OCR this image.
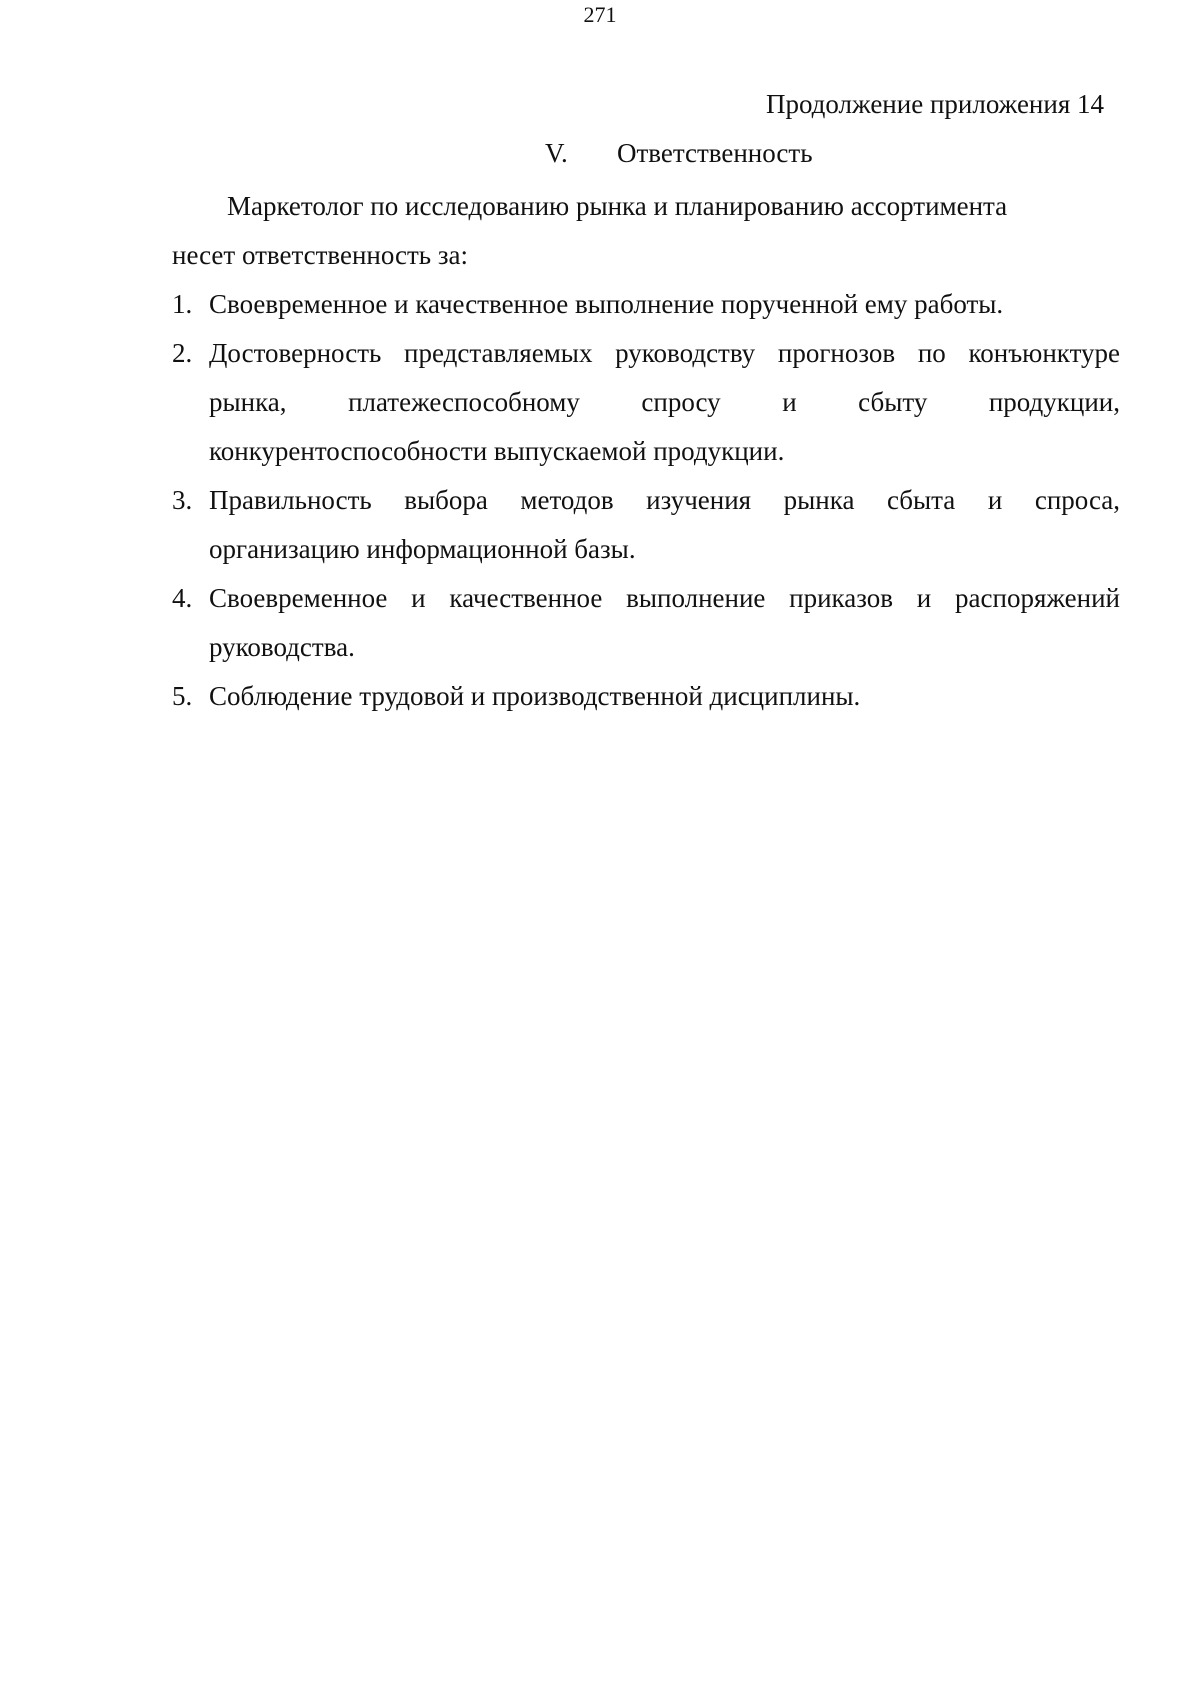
271
Продолжение приложения 14
V. Ответственность
Маркетолог по исследованию рынка и планированию ассортимента
несет ответственность за:
1. Своевременное и качественное выполнение порученной ему работы.
2. Достоверность представляемых руководству прогнозов по конъюнктуре
рынка, платежеспособному спросу и сбыту продукции,
конкурентоспособности выпускаемой продукции.
3. Правильность выбора методов изучения рынка сбыта и спроса,
организацию информационной базы.
4. Своевременное и качественное выполнение приказов и распоряжений
руководства.
5. Соблюдение трудовой и производственной дисциплины.
